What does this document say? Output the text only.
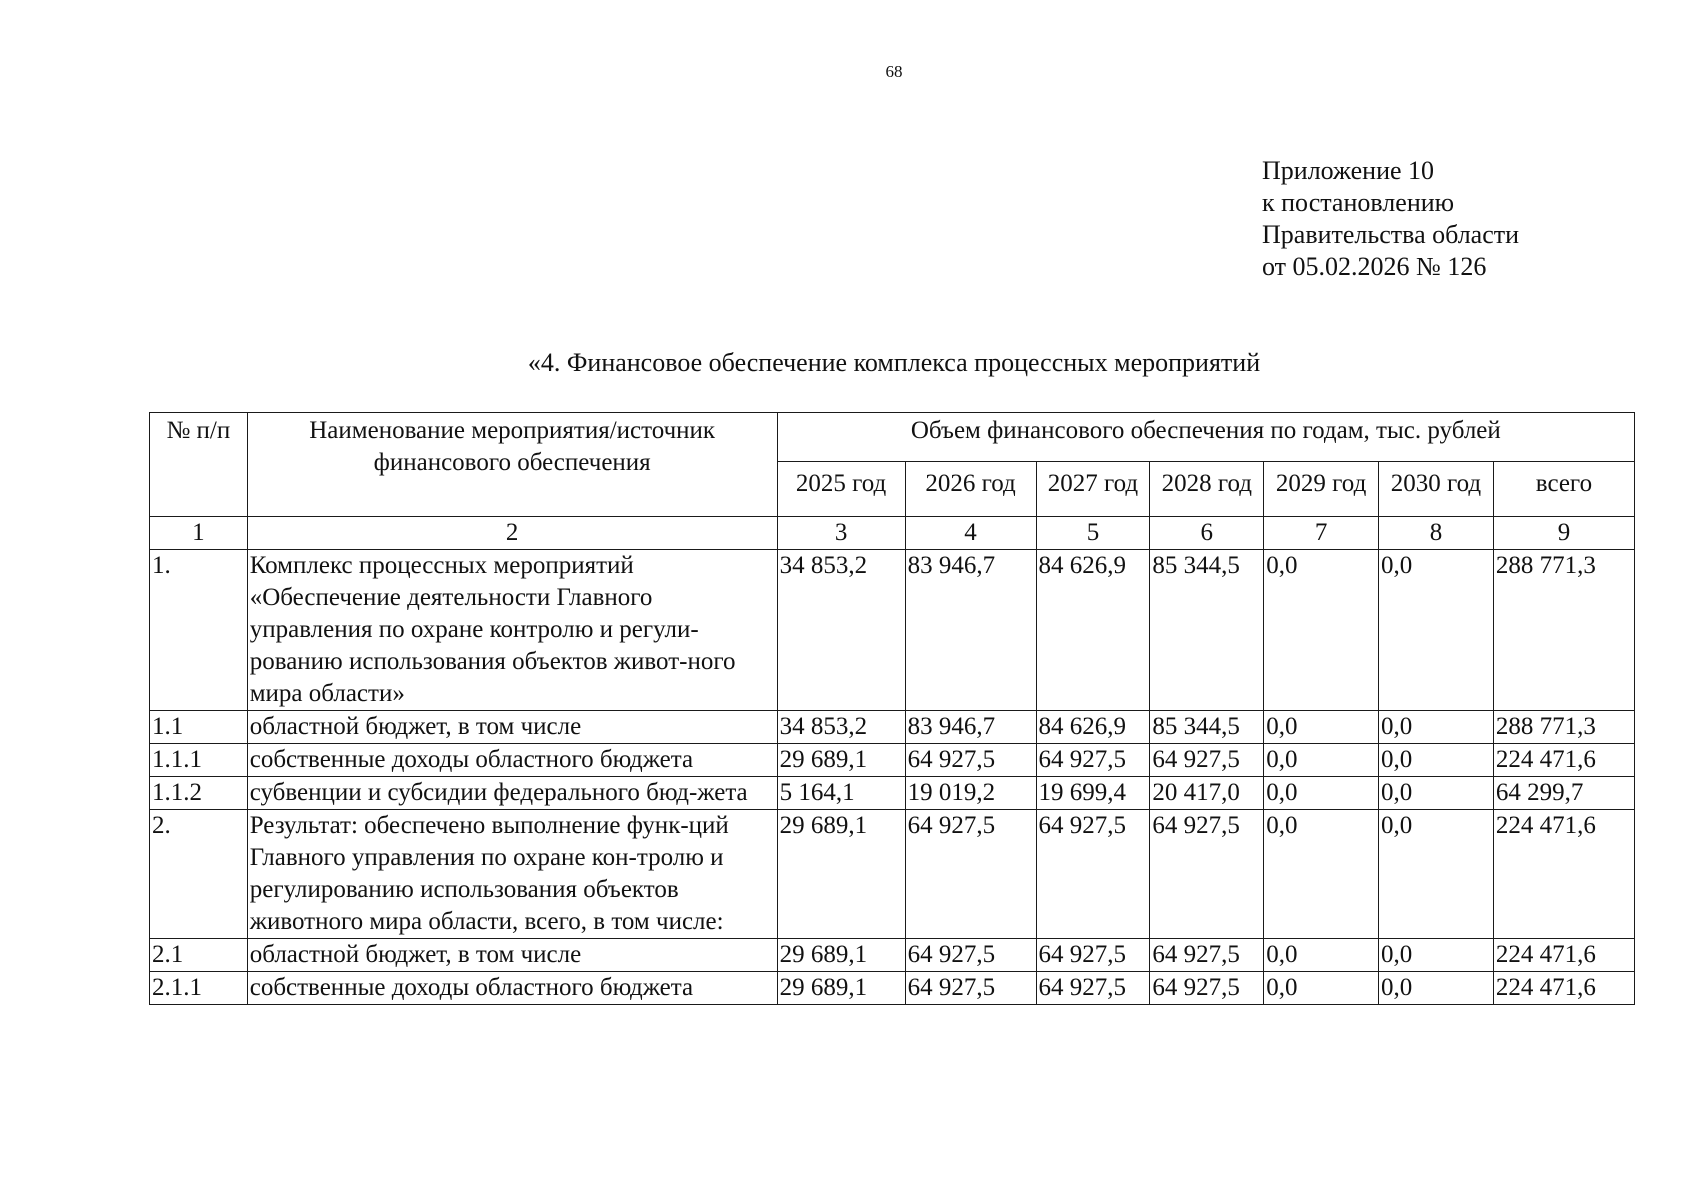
68
Приложение 10
к постановлению
Правительства области
от 05.02.2026 № 126
«4. Финансовое обеспечение комплекса процессных мероприятий
№ п/п	Наименование мероприятия/источник финансового обеспечения	Объем финансового обеспечения по годам, тыс. рублей						
		2025 год	2026 год	2027 год	2028 год	2029 год	2030 год	всего
1	2	3	4	5	6	7	8	9
1.	Комплекс процессных мероприятий «Обеспечение деятельности Главного управления по охране контролю и регули-рованию использования объектов живот-ного мира области»	34 853,2	83 946,7	84 626,9	85 344,5	0,0	0,0	288 771,3
1.1	областной бюджет, в том числе	34 853,2	83 946,7	84 626,9	85 344,5	0,0	0,0	288 771,3
1.1.1	собственные доходы областного бюджета	29 689,1	64 927,5	64 927,5	64 927,5	0,0	0,0	224 471,6
1.1.2	субвенции и субсидии федерального бюд-жета	5 164,1	19 019,2	19 699,4	20 417,0	0,0	0,0	64 299,7
2.	Результат: обеспечено выполнение функ-ций Главного управления по охране кон-тролю и регулированию использования объектов животного мира области, всего, в том числе:	29 689,1	64 927,5	64 927,5	64 927,5	0,0	0,0	224 471,6
2.1	областной бюджет, в том числе	29 689,1	64 927,5	64 927,5	64 927,5	0,0	0,0	224 471,6
2.1.1	собственные доходы областного бюджета	29 689,1	64 927,5	64 927,5	64 927,5	0,0	0,0	224 471,6
